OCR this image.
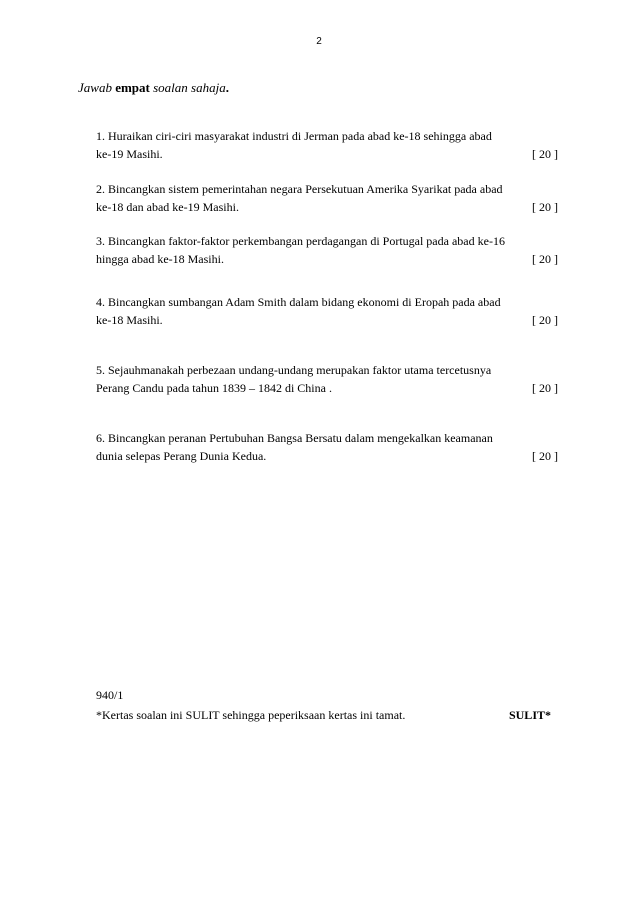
2
Jawab empat soalan sahaja.
1. Huraikan ciri-ciri masyarakat industri di Jerman pada abad ke-18 sehingga abad
ke-19 Masihi.	[ 20 ]
2. Bincangkan sistem pemerintahan negara Persekutuan Amerika Syarikat pada abad
ke-18 dan abad ke-19 Masihi.	[ 20 ]
3. Bincangkan faktor-faktor perkembangan perdagangan di Portugal pada abad ke-16
hingga abad ke-18 Masihi.	[ 20 ]
4. Bincangkan sumbangan Adam Smith dalam bidang ekonomi di Eropah pada abad
ke-18 Masihi.	[ 20 ]
5. Sejauhmanakah perbezaan undang-undang merupakan faktor utama tercetusnya
Perang Candu pada tahun 1839 – 1842 di China .	[ 20 ]
6. Bincangkan peranan Pertubuhan Bangsa Bersatu dalam mengekalkan keamanan
dunia selepas Perang Dunia Kedua.	[ 20 ]
940/1
*Kertas soalan ini SULIT sehingga peperiksaan kertas ini tamat.	SULIT*
